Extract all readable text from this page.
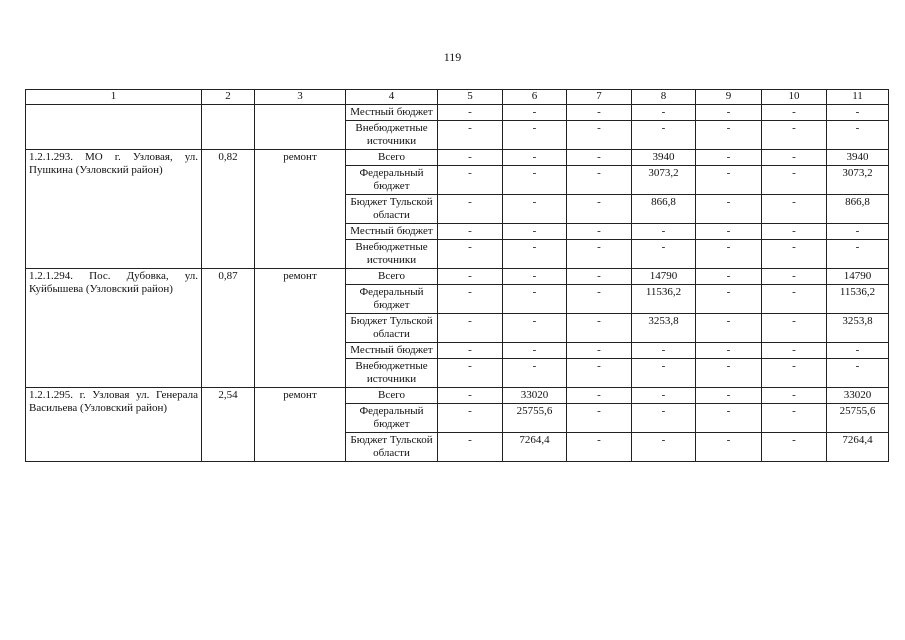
119
1	2	3	4	5	6	7	8	9	10	11
			Местный бюджет	-	-	-	-	-	-	-
			Внебюджетные источники	-	-	-	-	-	-	-
1.2.1.293. МО г. Узловая, ул. Пушкина (Узловский район)	0,82	ремонт	Всего	-	-	-	3940	-	-	3940
			Федеральный бюджет	-	-	-	3073,2	-	-	3073,2
			Бюджет Тульской области	-	-	-	866,8	-	-	866,8
			Местный бюджет	-	-	-	-	-	-	-
			Внебюджетные источники	-	-	-	-	-	-	-
1.2.1.294. Пос. Дубовка, ул. Куйбышева (Узловский район)	0,87	ремонт	Всего	-	-	-	14790	-	-	14790
			Федеральный бюджет	-	-	-	11536,2	-	-	11536,2
			Бюджет Тульской области	-	-	-	3253,8	-	-	3253,8
			Местный бюджет	-	-	-	-	-	-	-
			Внебюджетные источники	-	-	-	-	-	-	-
1.2.1.295. г. Узловая ул. Генерала Васильева (Узловский район)	2,54	ремонт	Всего	-	33020	-	-	-	-	33020
			Федеральный бюджет	-	25755,6	-	-	-	-	25755,6
			Бюджет Тульской области	-	7264,4	-	-	-	-	7264,4
